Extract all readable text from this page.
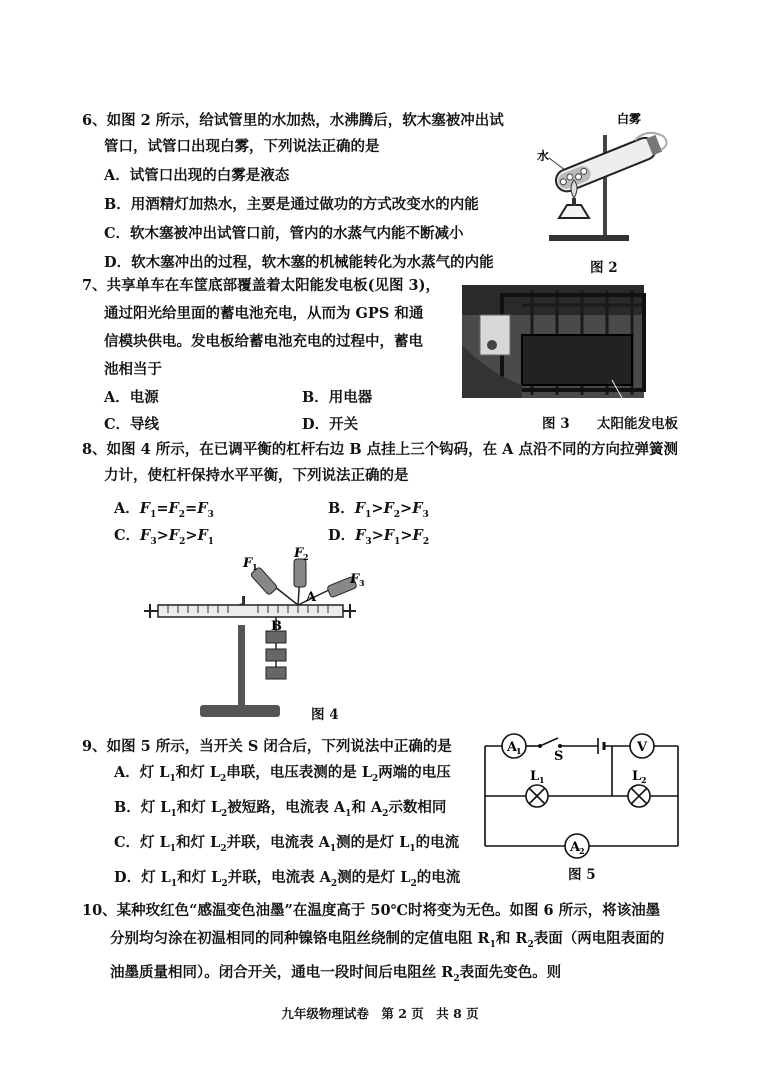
6、如图 2 所示，给试管里的水加热，水沸腾后，软木塞被冲出试
管口，试管口出现白雾，下列说法正确的是
A．试管口出现的白雾是液态
B．用酒精灯加热水，主要是通过做功的方式改变水的内能
C．软木塞被冲出试管口前，管内的水蒸气内能不断减小
D．软木塞冲出的过程，软木塞的机械能转化为水蒸气的内能
白雾
水
图 2
7、共享单车在车筐底部覆盖着太阳能发电板(见图 3)，
通过阳光给里面的蓄电池充电，从而为 GPS 和通
信模块供电。发电板给蓄电池充电的过程中，蓄电
池相当于
A．电源	B．用电器
C．导线	D．开关	图 3 太阳能发电板
8、如图 4 所示，在已调平衡的杠杆右边 B 点挂上三个钩码，在 A 点沿不同的方向拉弹簧测
力计，使杠杆保持水平平衡，下列说法正确的是
A．$F_1=F_2=F_3$	B．$F_1>F_2>F_3$
C．$F_3>F_2>F_1$	D．$F_3>F_1>F_2$
F 1
F 2
F 3
A
B
图 4
9、如图 5 所示，当开关 S 闭合后，下列说法中正确的是
A．灯 $L_1$和灯 $L_2$串联，电压表测的是 $L_2$两端的电压
B．灯 $L_1$和灯 $L_2$被短路，电流表 $A_1$和 $A_2$示数相同
C．灯 $L_1$和灯 $L_2$并联，电流表 $A_1$测的是灯 $L_1$的电流
D．灯 $L_1$和灯 $L_2$并联，电流表 $A_2$测的是灯 $L_2$的电流
A
1	V
A
2
S
L 1	L 2
图 5
10、某种玫红色“感温变色油墨”在温度高于 50℃时将变为无色。如图 6 所示，将该油墨
分别均匀涂在初温相同的同种镍铬电阻丝绕制的定值电阻 $R_1$和 $R_2$表面（两电阻表面的
油墨质量相同）。闭合开关，通电一段时间后电阻丝 $R_2$表面先变色。则
九年级物理试卷　第 2 页　共 8 页
